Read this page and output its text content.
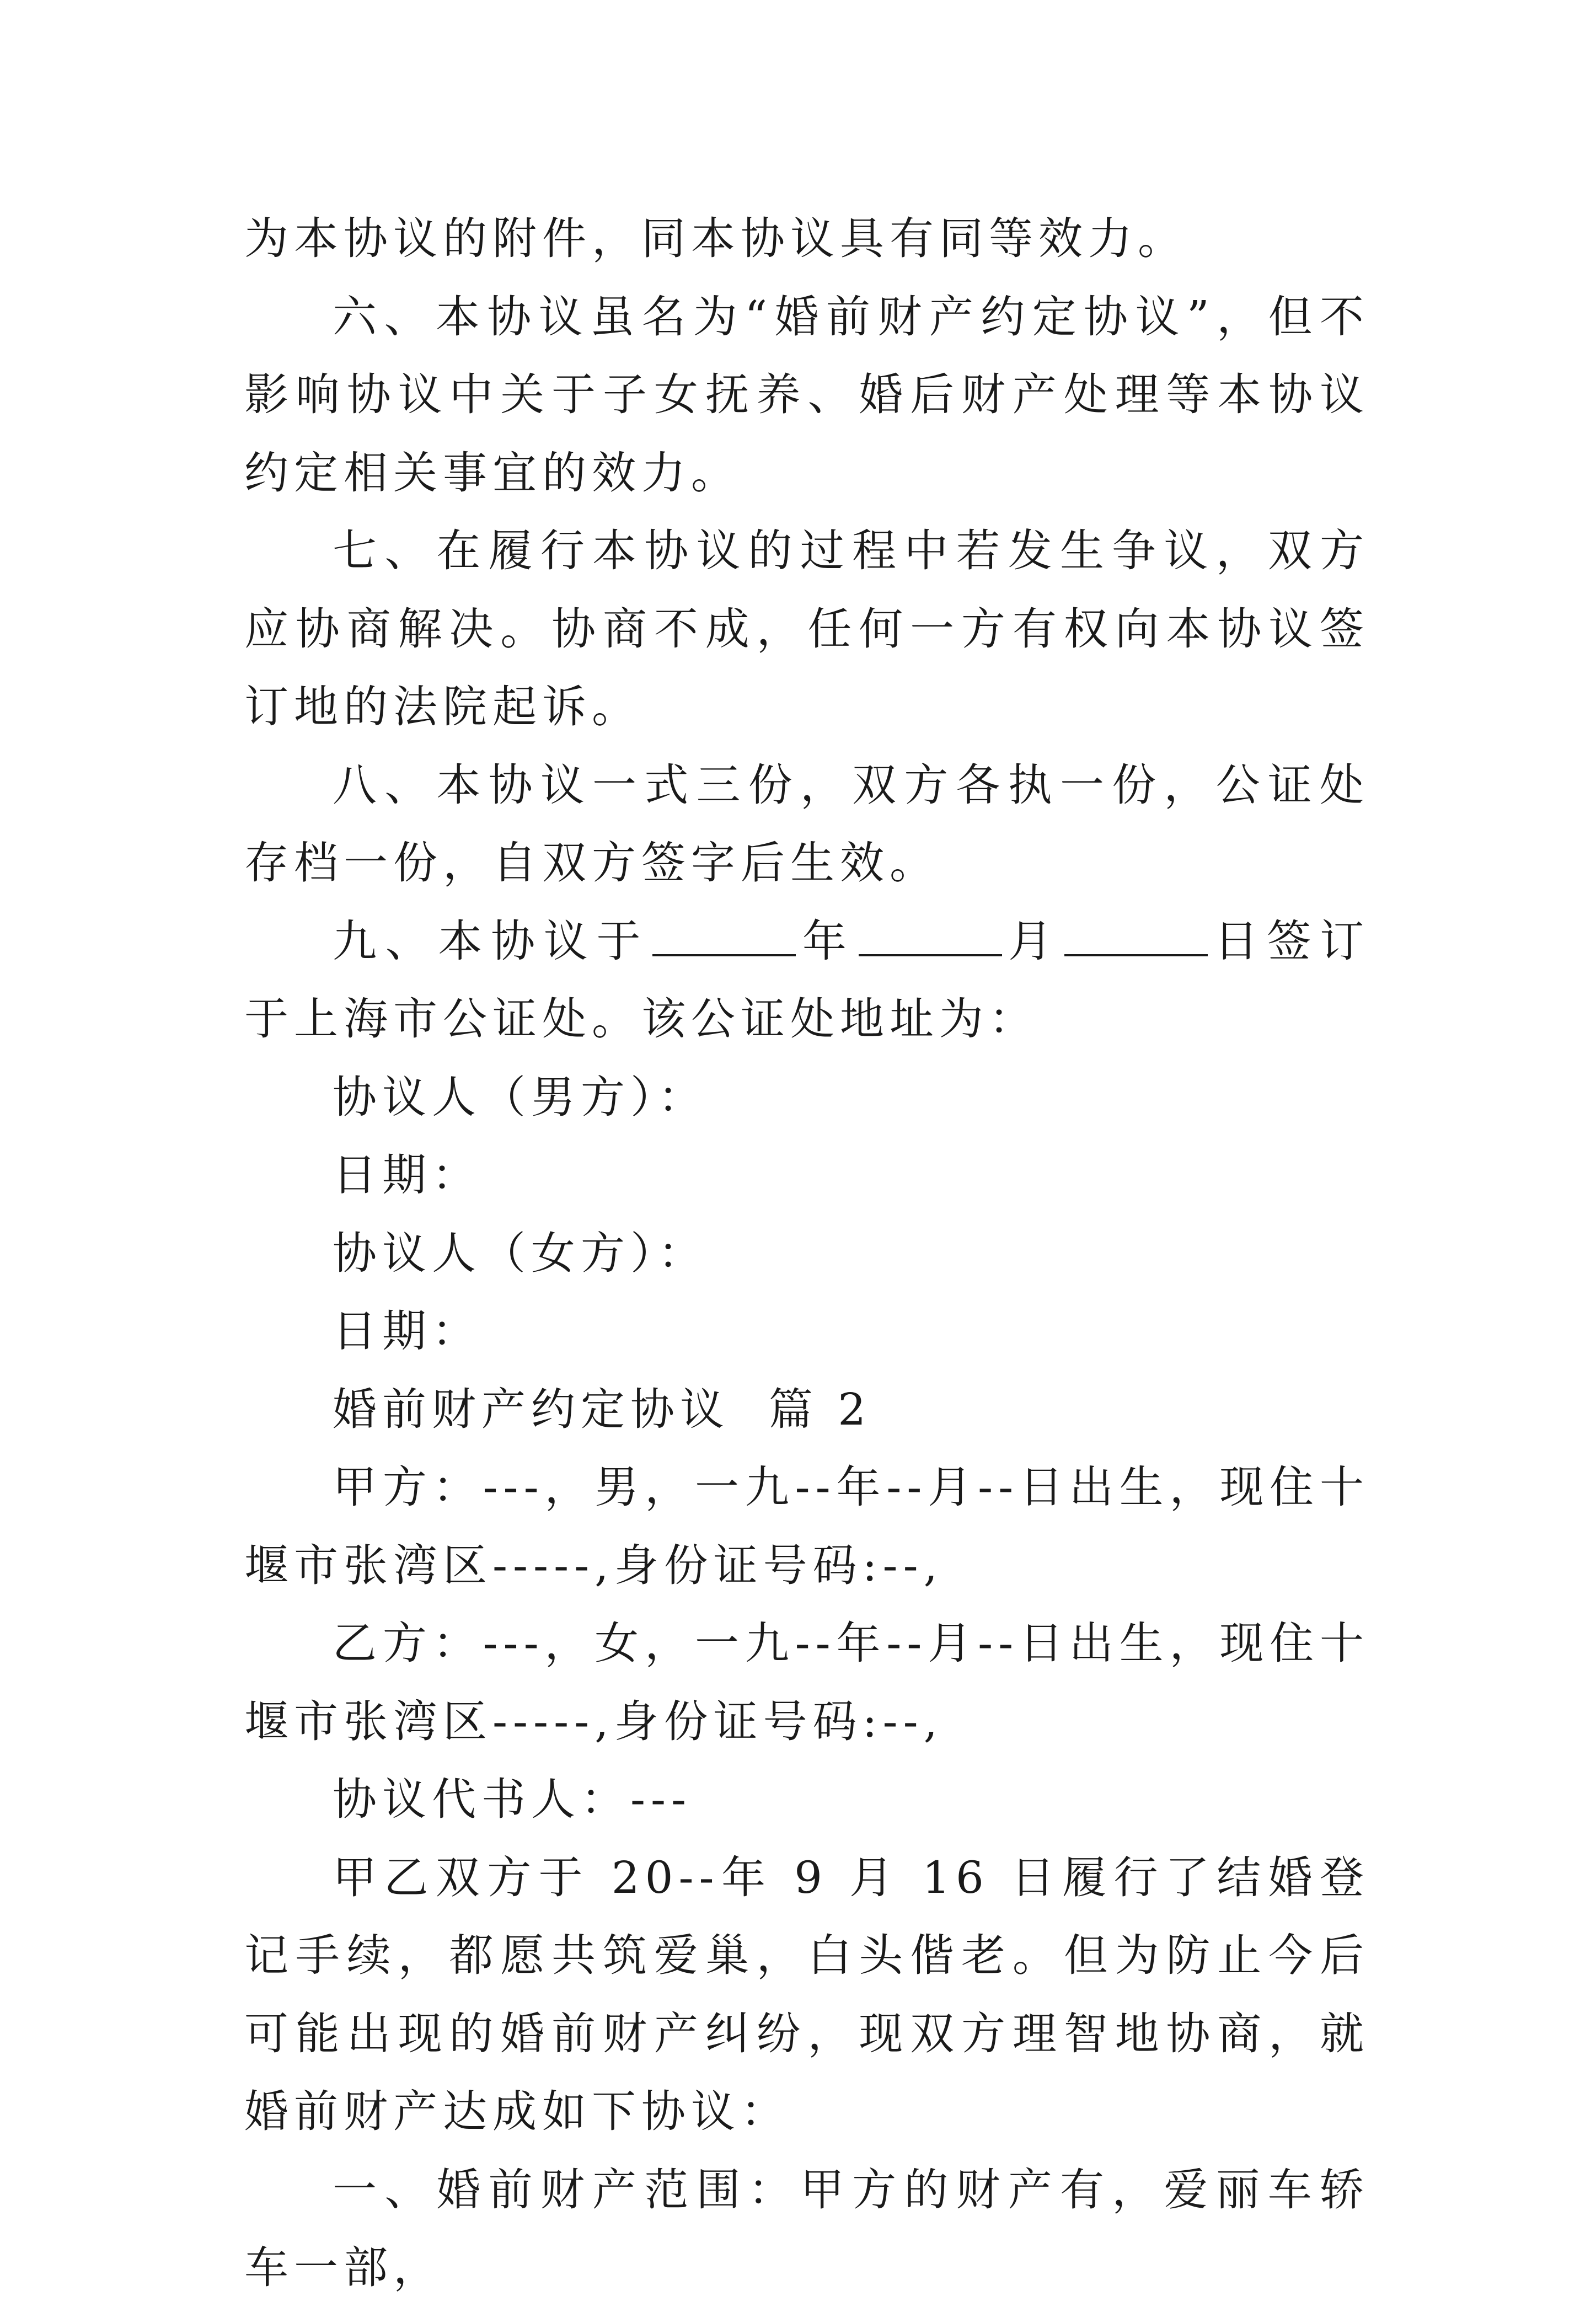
为本协议的附件，同本协议具有同等效力。

六、本协议虽名为“婚前财产约定协议”，但不影响协议中关于子女抚养、婚后财产处理等本协议约定相关事宜的效力。

七、在履行本协议的过程中若发生争议，双方应协商解决。协商不成，任何一方有权向本协议签订地的法院起诉。

八、本协议一式三份，双方各执一份，公证处存档一份，自双方签字后生效。

九、本协议于	年	月	日签订于上海市公证处。该公证处地址为：

协议人（男方）：

日期：

协议人（女方）：

日期：

婚前财产约定协议  篇 2

甲方：---，男，一九--年--月--日出生，现住十堰市张湾区-----,身份证号码:--,

乙方：---，女，一九--年--月--日出生，现住十堰市张湾区-----,身份证号码:--,

协议代书人：---

甲乙双方于 20--年 9 月 16 日履行了结婚登记手续，都愿共筑爱巢，白头偕老。但为防止今后可能出现的婚前财产纠纷，现双方理智地协商，就婚前财产达成如下协议：

一、婚前财产范围：甲方的财产有，爱丽车轿车一部，
